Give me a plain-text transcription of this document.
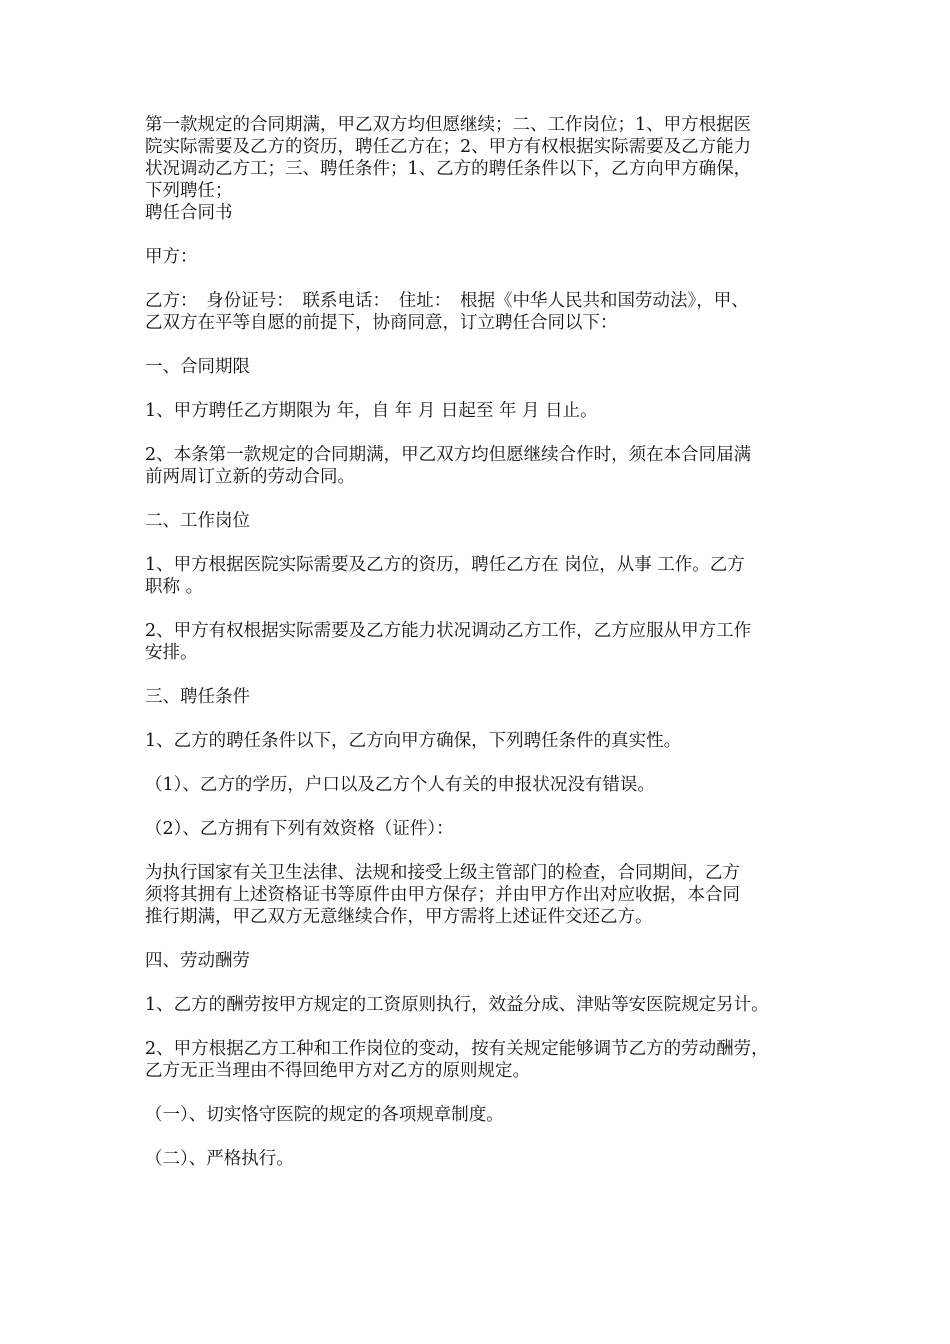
第一款规定的合同期满，甲乙双方均但愿继续；二、工作岗位；1、甲方根据医
院实际需要及乙方的资历，聘任乙方在；2、甲方有权根据实际需要及乙方能力
状况调动乙方工；三、聘任条件；1、乙方的聘任条件以下，乙方向甲方确保，
下列聘任；

聘任合同书

甲方：

乙方：　身份证号：　联系电话：　住址：　根据《中华人民共和国劳动法》，甲、
乙双方在平等自愿的前提下，协商同意，订立聘任合同以下：

一、合同期限

1、甲方聘任乙方期限为 年，自 年 月 日起至 年 月 日止。

2、本条第一款规定的合同期满，甲乙双方均但愿继续合作时，须在本合同届满
前两周订立新的劳动合同。

二、工作岗位

1、甲方根据医院实际需要及乙方的资历，聘任乙方在 岗位，从事 工作。乙方
职称 。

2、甲方有权根据实际需要及乙方能力状况调动乙方工作，乙方应服从甲方工作
安排。

三、聘任条件

1、乙方的聘任条件以下，乙方向甲方确保，下列聘任条件的真实性。

（1）、乙方的学历，户口以及乙方个人有关的申报状况没有错误。

（2）、乙方拥有下列有效资格（证件）：

为执行国家有关卫生法律、法规和接受上级主管部门的检查，合同期间，乙方
须将其拥有上述资格证书等原件由甲方保存；并由甲方作出对应收据，本合同
推行期满，甲乙双方无意继续合作，甲方需将上述证件交还乙方。

四、劳动酬劳

1、乙方的酬劳按甲方规定的工资原则执行，效益分成、津贴等安医院规定另计。

2、甲方根据乙方工种和工作岗位的变动，按有关规定能够调节乙方的劳动酬劳，
乙方无正当理由不得回绝甲方对乙方的原则规定。

（一）、切实恪守医院的规定的各项规章制度。

（二）、严格执行。
